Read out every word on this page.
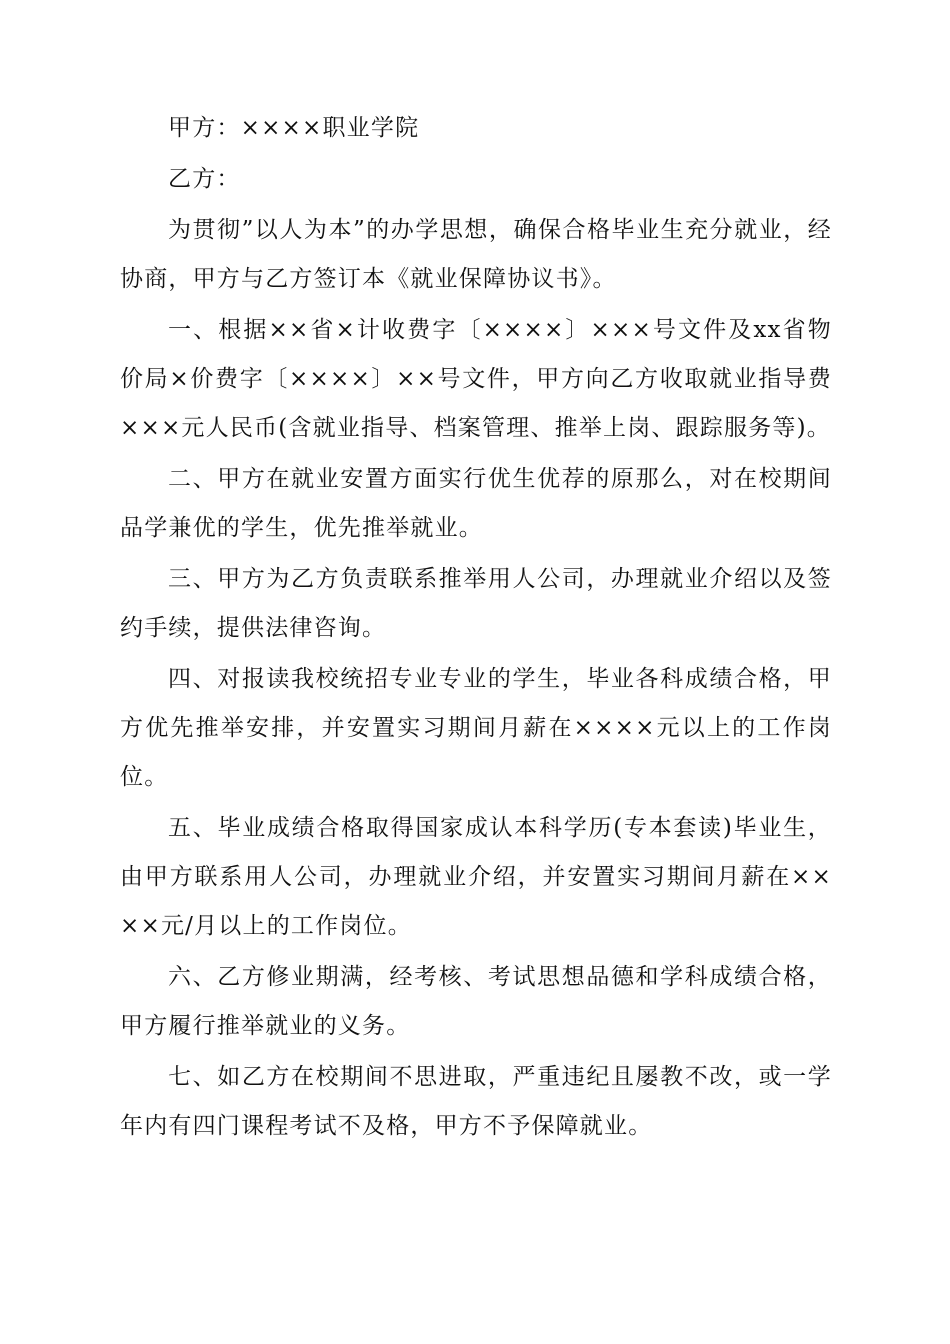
甲方：××××职业学院

乙方：

为贯彻”以人为本”的办学思想，确保合格毕业生充分就业，经协商，甲方与乙方签订本《就业保障协议书》。

一、根据××省×计收费字〔××××〕×××号文件及xx省物价局×价费字〔××××〕××号文件，甲方向乙方收取就业指导费×××元人民币(含就业指导、档案管理、推举上岗、跟踪服务等)。

二、甲方在就业安置方面实行优生优荐的原那么，对在校期间品学兼优的学生，优先推举就业。

三、甲方为乙方负责联系推举用人公司，办理就业介绍以及签约手续，提供法律咨询。

四、对报读我校统招专业专业的学生，毕业各科成绩合格，甲方优先推举安排，并安置实习期间月薪在××××元以上的工作岗位。

五、毕业成绩合格取得国家成认本科学历(专本套读)毕业生，由甲方联系用人公司，办理就业介绍，并安置实习期间月薪在××××元/月以上的工作岗位。

六、乙方修业期满，经考核、考试思想品德和学科成绩合格，甲方履行推举就业的义务。

七、如乙方在校期间不思进取，严重违纪且屡教不改，或一学年内有四门课程考试不及格，甲方不予保障就业。
